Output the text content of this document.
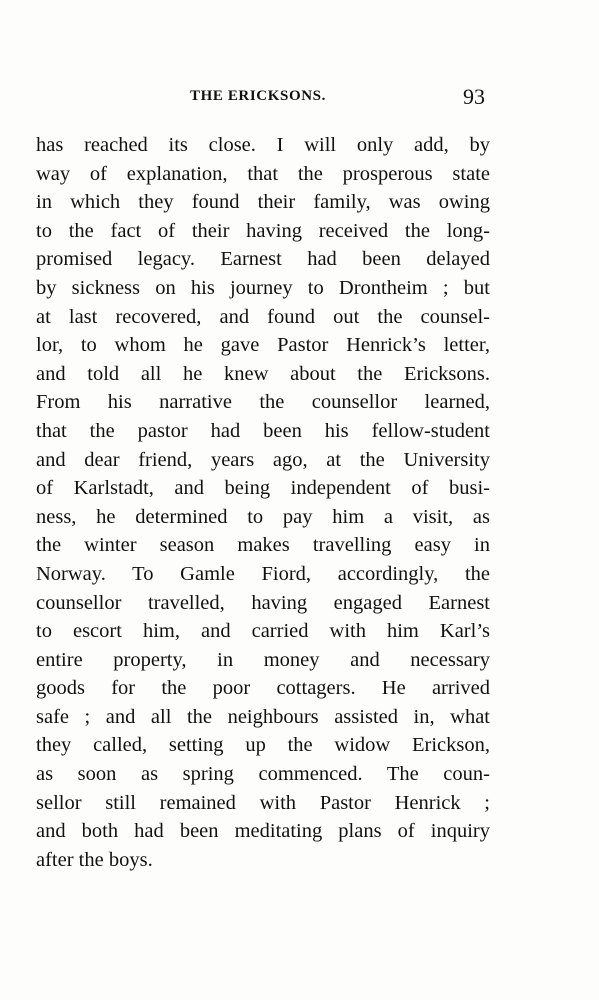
THE ERICKSONS.	93
has reached its close. I will only add, by
way of explanation, that the prosperous state
in which they found their family, was owing
to the fact of their having received the long-
promised legacy. Earnest had been delayed
by sickness on his journey to Drontheim ; but
at last recovered, and found out the counsel-
lor, to whom he gave Pastor Henrick’s letter,
and told all he knew about the Ericksons.
From his narrative the counsellor learned,
that the pastor had been his fellow-student
and dear friend, years ago, at the University
of Karlstadt, and being independent of busi-
ness, he determined to pay him a visit, as
the winter season makes travelling easy in
Norway. To Gamle Fiord, accordingly, the
counsellor travelled, having engaged Earnest
to escort him, and carried with him Karl’s
entire property, in money and necessary
goods for the poor cottagers. He arrived
safe ; and all the neighbours assisted in, what
they called, setting up the widow Erickson,
as soon as spring commenced. The coun-
sellor still remained with Pastor Henrick ;
and both had been meditating plans of inquiry
after the boys.
